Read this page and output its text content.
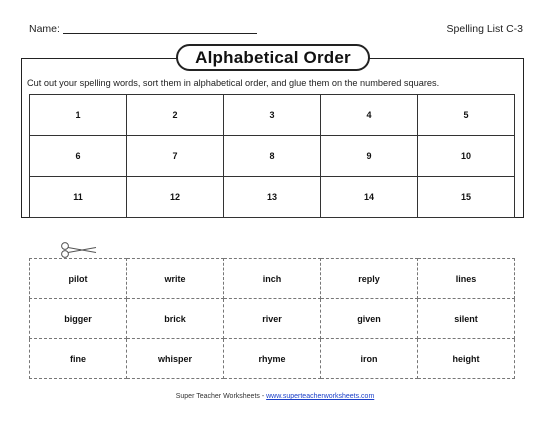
Name:	Spelling List C-3
Alphabetical Order
Cut out your spelling words, sort them in alphabetical order, and glue them on the numbered squares.
1	2	3	4	5
6	7	8	9	10
11	12	13	14	15
pilot	write	inch	reply	lines
bigger	brick	river	given	silent
fine	whisper	rhyme	iron	height
Super Teacher Worksheets - www.superteacherworksheets.com
